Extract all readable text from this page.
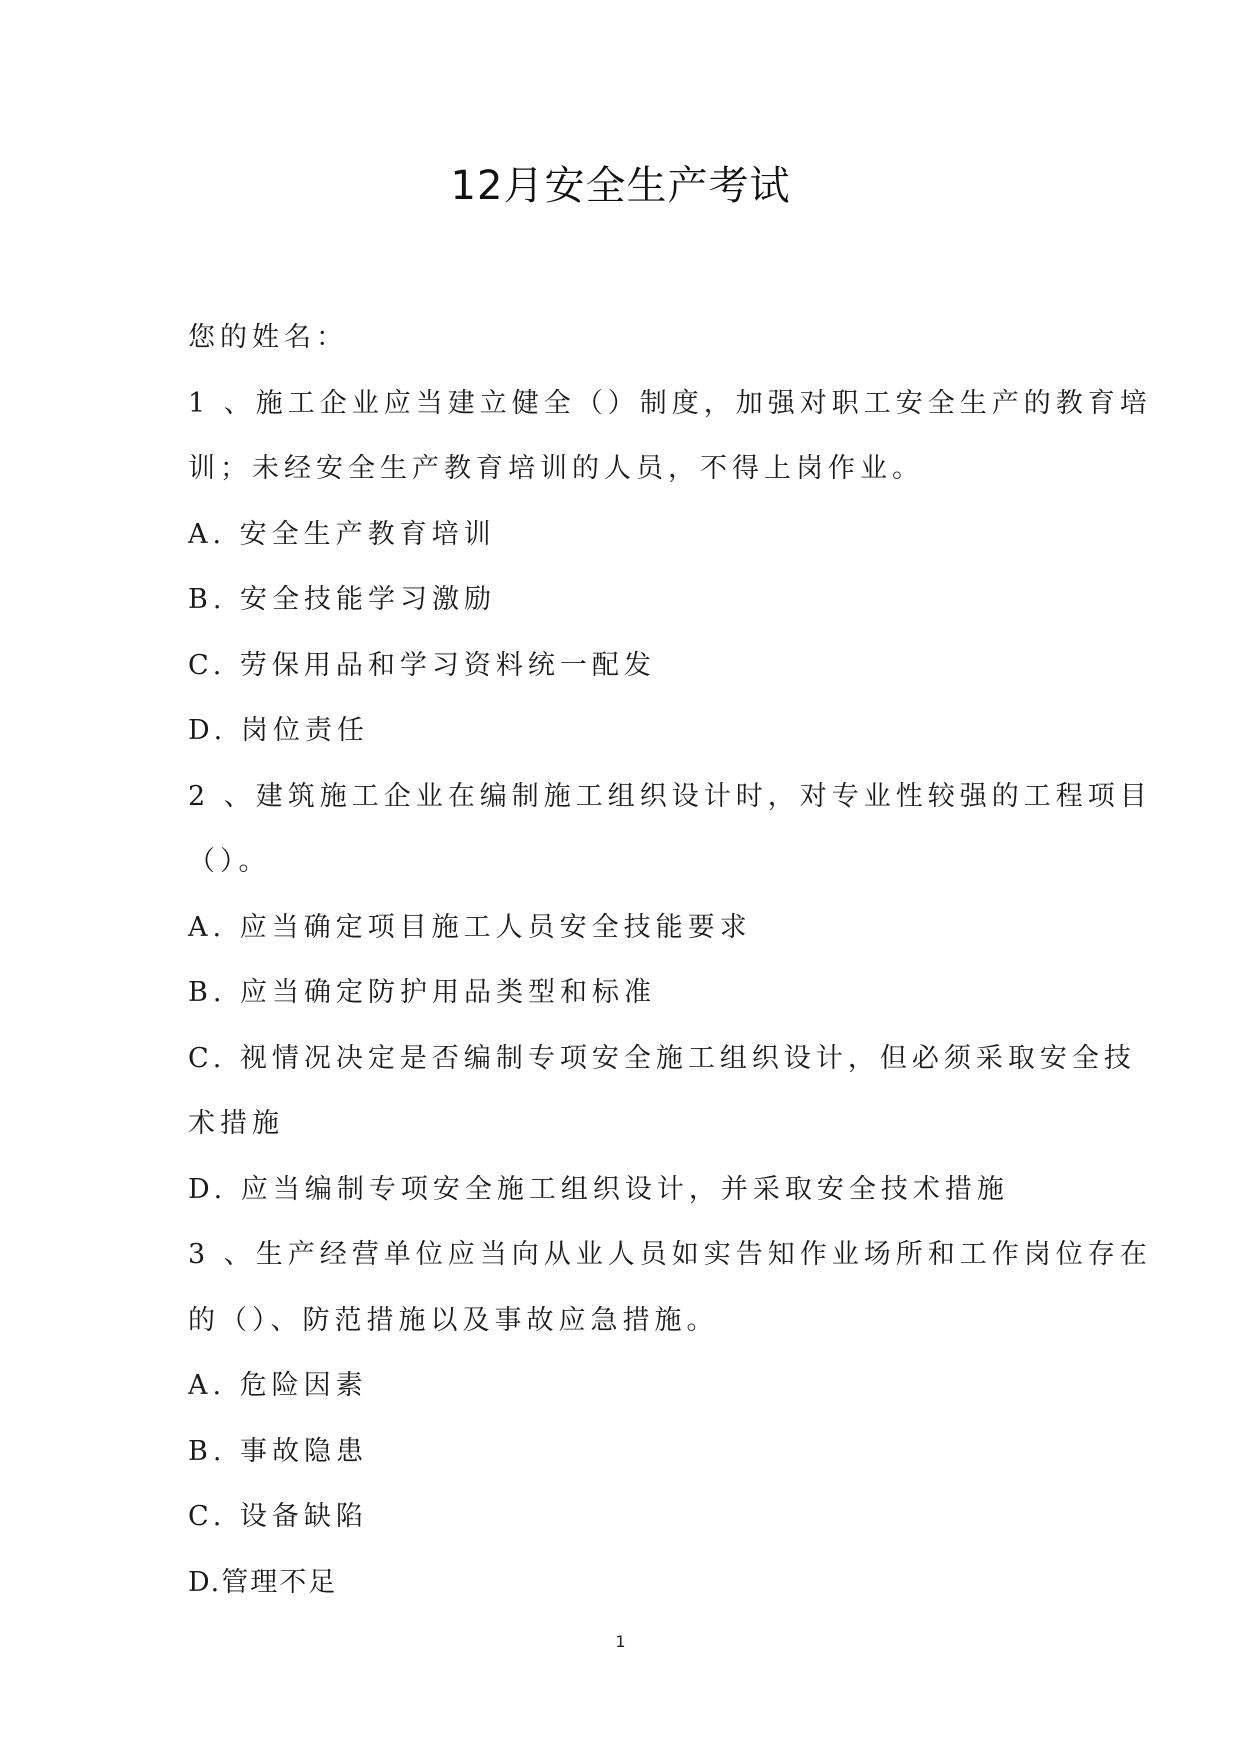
12月安全生产考试
您的姓名：
1 、施工企业应当建立健全（）制度，加强对职工安全生产的教育培
训；未经安全生产教育培训的人员，不得上岗作业。
A. 安全生产教育培训
B. 安全技能学习激励
C. 劳保用品和学习资料统一配发
D. 岗位责任
2 、建筑施工企业在编制施工组织设计时，对专业性较强的工程项目
（）。
A. 应当确定项目施工人员安全技能要求
B. 应当确定防护用品类型和标准
C. 视情况决定是否编制专项安全施工组织设计，但必须采取安全技
术措施
D. 应当编制专项安全施工组织设计，并采取安全技术措施
3 、生产经营单位应当向从业人员如实告知作业场所和工作岗位存在
的（）、防范措施以及事故应急措施。
A. 危险因素
B. 事故隐患
C. 设备缺陷
D.管理不足
1
